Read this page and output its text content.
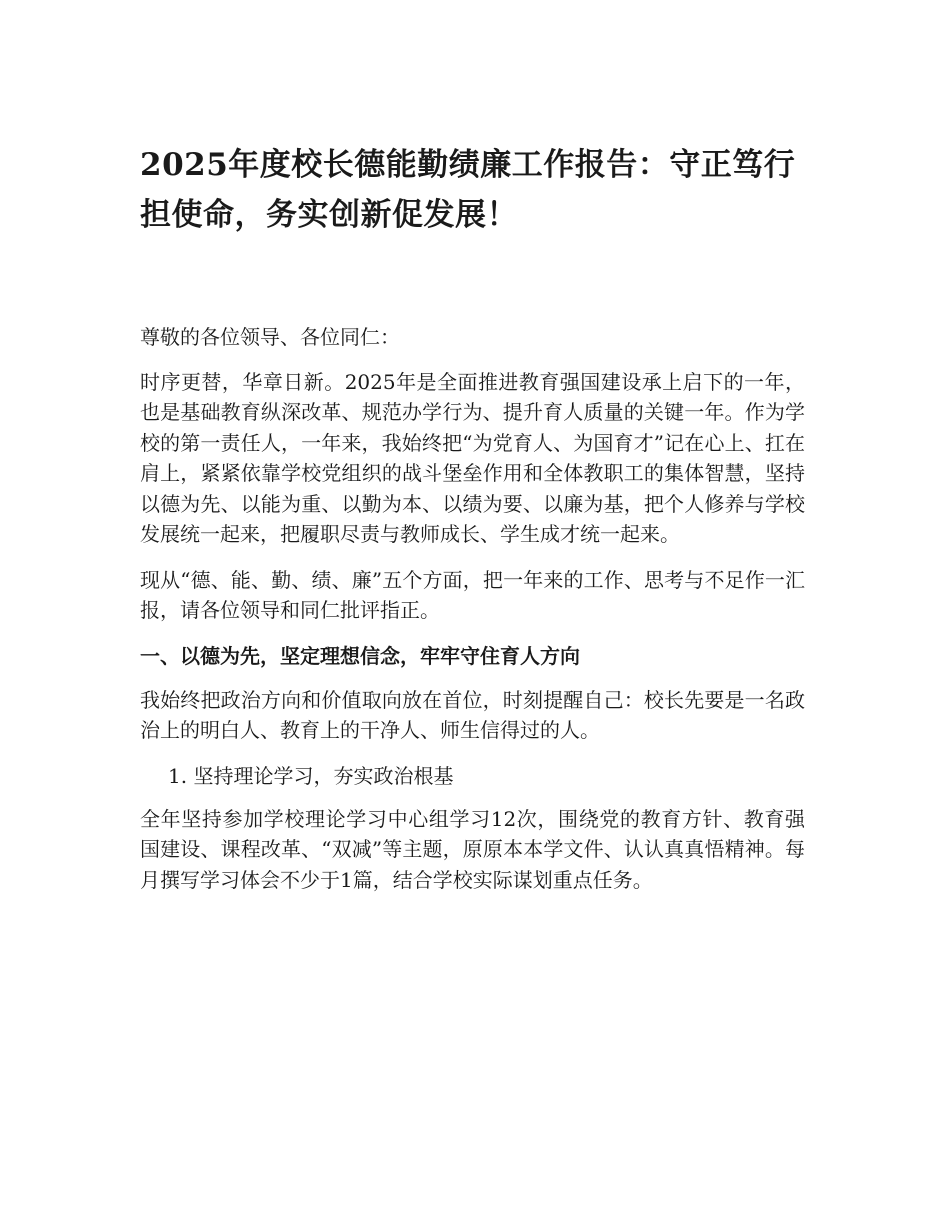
2025年度校长德能勤绩廉工作报告：守正笃行担使命，务实创新促发展！

尊敬的各位领导、各位同仁：

时序更替，华章日新。2025年是全面推进教育强国建设承上启下的一年，也是基础教育纵深改革、规范办学行为、提升育人质量的关键一年。作为学校的第一责任人，一年来，我始终把“为党育人、为国育才”记在心上、扛在肩上，紧紧依靠学校党组织的战斗堡垒作用和全体教职工的集体智慧，坚持以德为先、以能为重、以勤为本、以绩为要、以廉为基，把个人修养与学校发展统一起来，把履职尽责与教师成长、学生成才统一起来。

现从“德、能、勤、绩、廉”五个方面，把一年来的工作、思考与不足作一汇报，请各位领导和同仁批评指正。

一、以德为先，坚定理想信念，牢牢守住育人方向

我始终把政治方向和价值取向放在首位，时刻提醒自己：校长先要是一名政治上的明白人、教育上的干净人、师生信得过的人。

1. 坚持理论学习，夯实政治根基

全年坚持参加学校理论学习中心组学习12次，围绕党的教育方针、教育强国建设、课程改革、“双减”等主题，原原本本学文件、认认真真悟精神。每月撰写学习体会不少于1篇，结合学校实际谋划重点任务。
